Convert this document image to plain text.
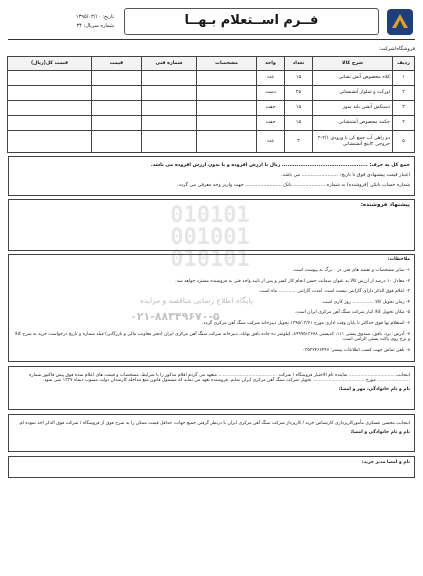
تاریخ: ۱۳۹۵/۰۳/۱۰
شماره سریال: ۳۴	فــرم اســتعلام بـهــا
فروشگاه/شرکت:
ردیف	شرح کالا	تعداد	واحد	مشخصات	شماره فنی	قیمت	قیمت کل(ریال)
۱	کلاه محصوص آتش نشانی	۱۵	عدد				
۲	اورکت و شلوار آتشنشانی	۲۵	دست				
۳	دستکش آتشن بلند سوز	۱۵	جفت				
۴	چکمه محصوص آتشنشانی	۱۵	جفت				
۵	دو راهی آب جمع کن با ورودی ۲/۱-۲ خروجی ۲اینچ آتشنشانی	۳	عدد				
جمع کل به حرف: ............................................... ریال با ارزش افزوده و یا بدون ارزش افزوده می باشد.
اعتبار قیمت پیشنهادی فوق تا تاریخ: ........................ می باشد.
شماره حساب بانکی (فروشنده) به شماره ..................... بانک ........................ جهت واریز وجه معرفی می گردد.
پیشنهاد فروشنده:
ملاحظات:

۱- سایر مشخصات و نقشه های فنی در ۰ برگ به پیوست است.

۲- معادل ۱۰ درصد از ارزش کالا به عنوان ضمانت حسن انجام کار کسر و پس از تایید واحد فنی به فروشنده مسترد خواهد شد.

۳- اعلام فوق الذکر دارای گارانتی نیست است. امدت گارانتی ............ ماه است.

۴- زمان تحویل کالا ............... روز کاری است.

۵- مکان تحویل کالا انبار شرکت سنگ آهن مرکزی ایران است.

۶- استعلام بها فوق حداکثر تا پایان وقت اداری مورخ ۱۳۹۵/۰۳/۲۱ تحویل دبیرخانه شرکت سنگ آهن مرکزی گردد.

۷- آدرس: یزد، بافق، صندوق پستی ۱۱۱، کدپستی ۸۹۹۹۵۱۳۶۷۸، کیلومتر ده جاده بافق بهاباد، دبیرخانه شرکت سنگ آهن مرکزی ایران (دفتر معاونت مالی و بازرگانی) فیلد شماره و تاریخ درخواست خرید به شرح کالا و نرخ روی پاکت پستی الزامی است.

۸- تلفن تماس جهت کسب اطلاعات بیشتر: ۰۳۵۳۲۴۶۶۴۴۷

اینجانب ................................ نماینده تام الاختیار فروشگاه / شرکت ......................................... متعهد می گردم اقلام مذکور را با شرایط، مشخصات و قیمت های اعلام شده فوق پیش فاکتور شماره ....................... مورخ .................................... تحویل شرکت سنگ آهن مرکزی ایران نمایم. فروشنده تعهد می نماید که مشمول قانون منع مداخله کارمندان دولت مصوب دیماه ۱۳۳۷ نمی شود.

نام و نام خانوادگی، مهر و امضا:

اینجانب محسن عسکری مأمورکارپردازی کارشناس خرید / کارپرداز شرکت سنگ آهن مرکزی ایران با درنظر گرفتن جمیع جهات، حداقل قیمت ممکن را به شرح فوق از فروشگاه / شرکت فوق الذکر اخذ نموده ام.

نام و نام خانوادگی و امضا:

نام و امضا مدیر خرید:
010101
001001
010101
پایگاه اطلاع رسانی مناقصه و مزایده
۰۲۱-۸۸۳۴۹۶۷۰-۵
